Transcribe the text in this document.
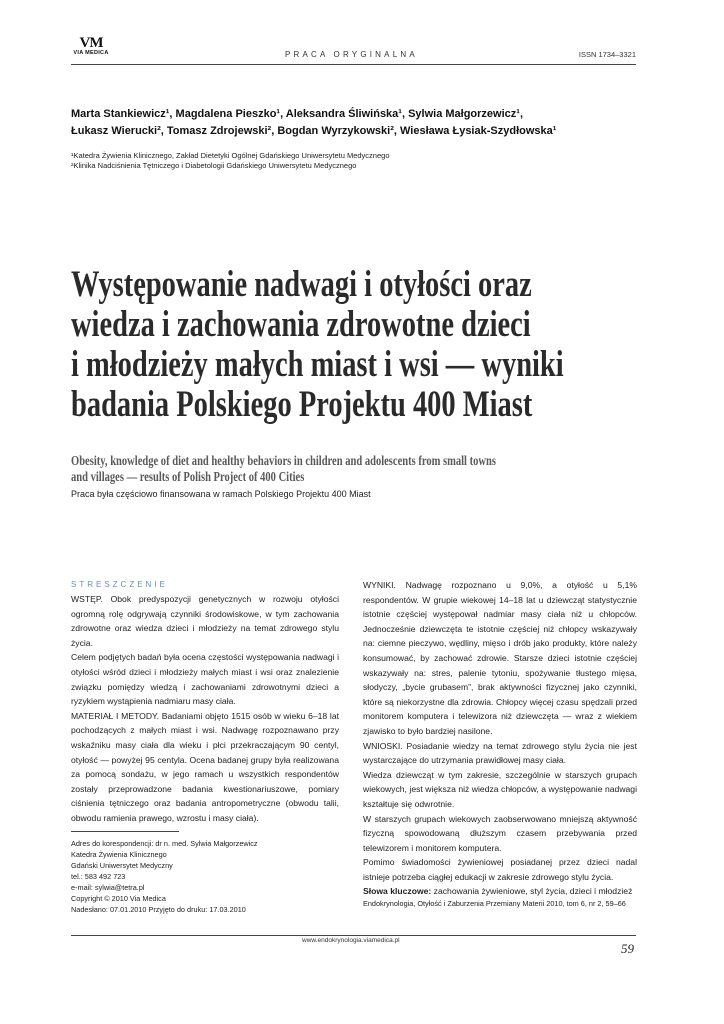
VM
VIA MEDICA	PRACA ORYGINALNA	ISSN 1734–3321
Marta Stankiewicz¹, Magdalena Pieszko¹, Aleksandra Śliwińska¹, Sylwia Małgorzewicz¹,
Łukasz Wierucki², Tomasz Zdrojewski², Bogdan Wyrzykowski², Wiesława Łysiak-Szydłowska¹
¹Katedra Żywienia Klinicznego, Zakład Dietetyki Ogólnej Gdańskiego Uniwersytetu Medycznego
²Klinika Nadciśnienia Tętniczego i Diabetologii Gdańskiego Uniwersytetu Medycznego
Występowanie nadwagi i otyłości oraz
wiedza i zachowania zdrowotne dzieci
i młodzieży małych miast i wsi — wyniki
badania Polskiego Projektu 400 Miast
Obesity, knowledge of diet and healthy behaviors in children and adolescents from small towns
and villages — results of Polish Project of 400 Cities
Praca była częściowo finansowana w ramach Polskiego Projektu 400 Miast
STRESZCZENIE

WSTĘP. Obok predyspozycji genetycznych w rozwoju otyłości ogromną rolę odgrywają czynniki środowiskowe, w tym zachowania zdrowotne oraz wiedza dzieci i młodzieży na temat zdrowego stylu życia.

Celem podjętych badań była ocena częstości występowania nadwagi i otyłości wśród dzieci i młodzieży małych miast i wsi oraz znalezienie związku pomiędzy wiedzą i zachowaniami zdrowotnymi dzieci a ryzykiem wystąpienia nadmiaru masy ciała.

MATERIAŁ I METODY. Badaniami objęto 1515 osób w wieku 6–18 lat pochodzących z małych miast i wsi. Nadwagę rozpoznawano przy wskaźniku masy ciała dla wieku i płci przekraczającym 90 centyl, otyłość — powyżej 95 centyla. Ocena badanej grupy była realizowana za pomocą sondażu, w jego ramach u wszystkich respondentów zostały przeprowadzone badania kwestionariuszowe, pomiary ciśnienia tętniczego oraz badania antropometryczne (obwodu talii, obwodu ramienia prawego, wzrostu i masy ciała).

WYNIKI. Nadwagę rozpoznano u 9,0%, a otyłość u 5,1% respondentów. W grupie wiekowej 14–18 lat u dziewcząt statystycznie istotnie częściej występował nadmiar masy ciała niż u chłopców. Jednocześnie dziewczęta te istotnie częściej niż chłopcy wskazywały na: ciemne pieczywo, wędliny, mięso i drób jako produkty, które należy konsumować, by zachować zdrowie. Starsze dzieci istotnie częściej wskazywały na: stres, palenie tytoniu, spożywanie tłustego mięsa, słodyczy, „bycie grubasem”, brak aktywności fizycznej jako czynniki, które są niekorzystne dla zdrowia. Chłopcy więcej czasu spędzali przed monitorem komputera i telewizora niż dziewczęta — wraz z wiekiem zjawisko to było bardziej nasilone.

WNIOSKI. Posiadanie wiedzy na temat zdrowego stylu życia nie jest wystarczające do utrzymania prawidłowej masy ciała.

Wiedza dziewcząt w tym zakresie, szczególnie w starszych grupach wiekowych, jest większa niż wiedza chłopców, a występowanie nadwagi kształtuje się odwrotnie.

W starszych grupach wiekowych zaobserwowano mniejszą aktywność fizyczną spowodowaną dłuższym czasem przebywania przed telewizorem i monitorem komputera.

Pomimo świadomości żywieniowej posiadanej przez dzieci nadal istnieje potrzeba ciągłej edukacji w zakresie zdrowego stylu życia.

Słowa kluczowe: zachowania żywieniowe, styl życia, dzieci i młodzież

Adres do korespondencji: dr n. med. Sylwia Małgorzewicz
Katedra Żywienia Klinicznego
Gdański Uniwersytet Medyczny
tel.: 583 492 723
e-mail: sylwia@tetra.pl
Copyright © 2010 Via Medica
Nadesłano: 07.01.2010 Przyjęto do druku: 17.03.2010
Endokrynologia, Otyłość i Zaburzenia Przemiany Materii 2010, tom 6, nr 2, 59–66
www.endokrynologia.viamedica.pl
59
